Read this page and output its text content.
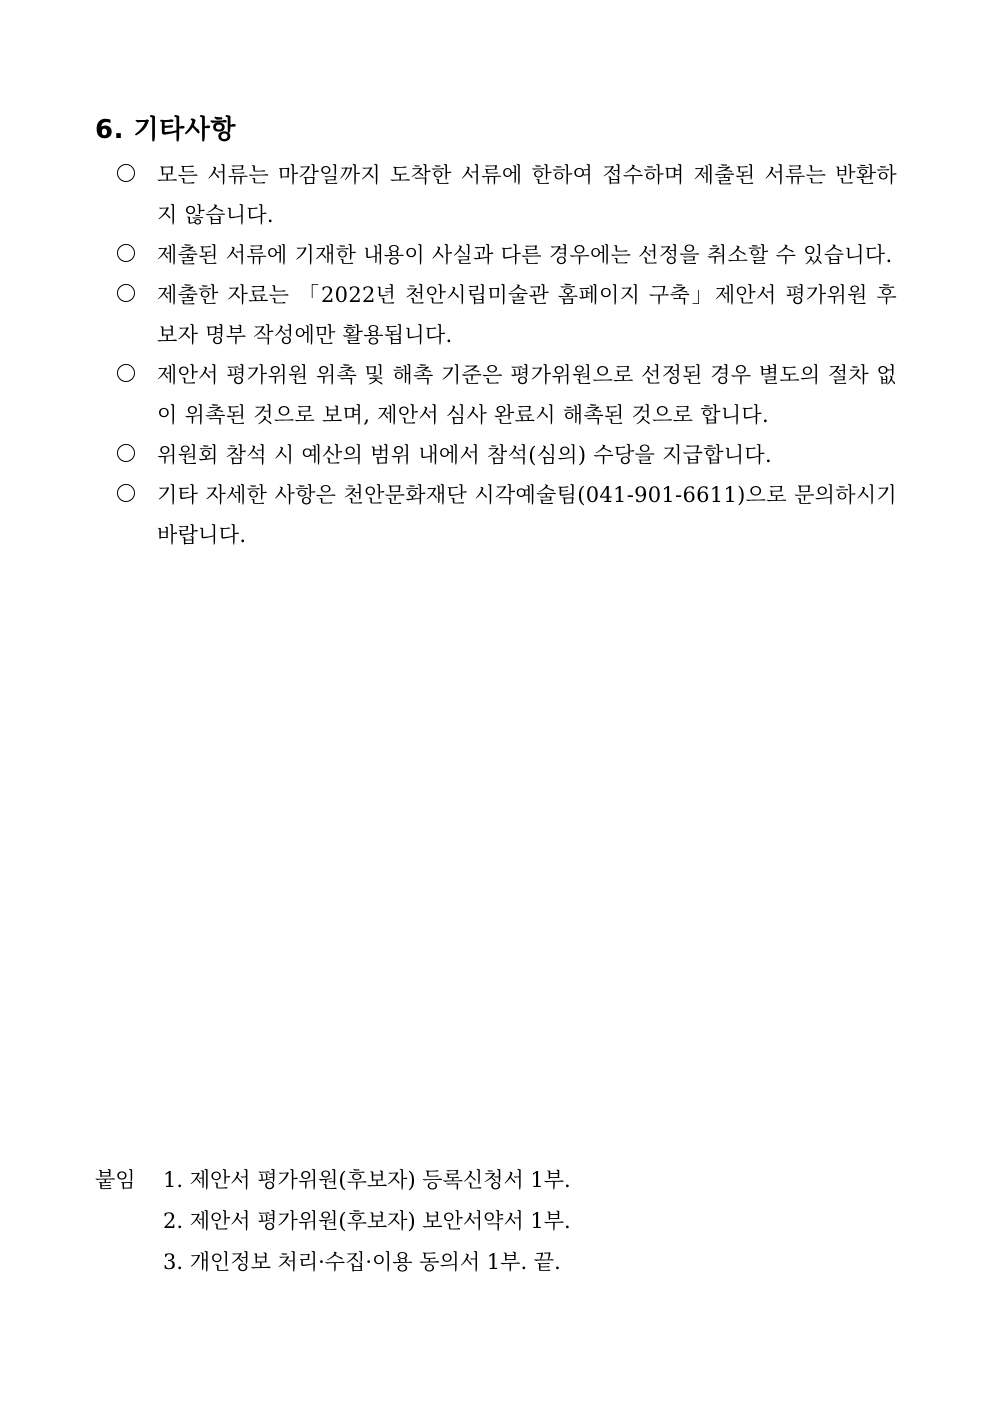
6. 기타사항
모든 서류는 마감일까지 도착한 서류에 한하여 접수하며 제출된 서류는 반환하지 않습니다.
제출된 서류에 기재한 내용이 사실과 다른 경우에는 선정을 취소할 수 있습니다.
제출한 자료는 「2022년 천안시립미술관 홈페이지 구축」제안서 평가위원 후보자 명부 작성에만 활용됩니다.
제안서 평가위원 위촉 및 해촉 기준은 평가위원으로 선정된 경우 별도의 절차 없이 위촉된 것으로 보며, 제안서 심사 완료시 해촉된 것으로 합니다.
위원회 참석 시 예산의 범위 내에서 참석(심의) 수당을 지급합니다.
기타 자세한 사항은 천안문화재단 시각예술팀(041-901-6611)으로 문의하시기 바랍니다.
붙임 1. 제안서 평가위원(후보자) 등록신청서 1부.
2. 제안서 평가위원(후보자) 보안서약서 1부.
3. 개인정보 처리·수집·이용 동의서 1부. 끝.
